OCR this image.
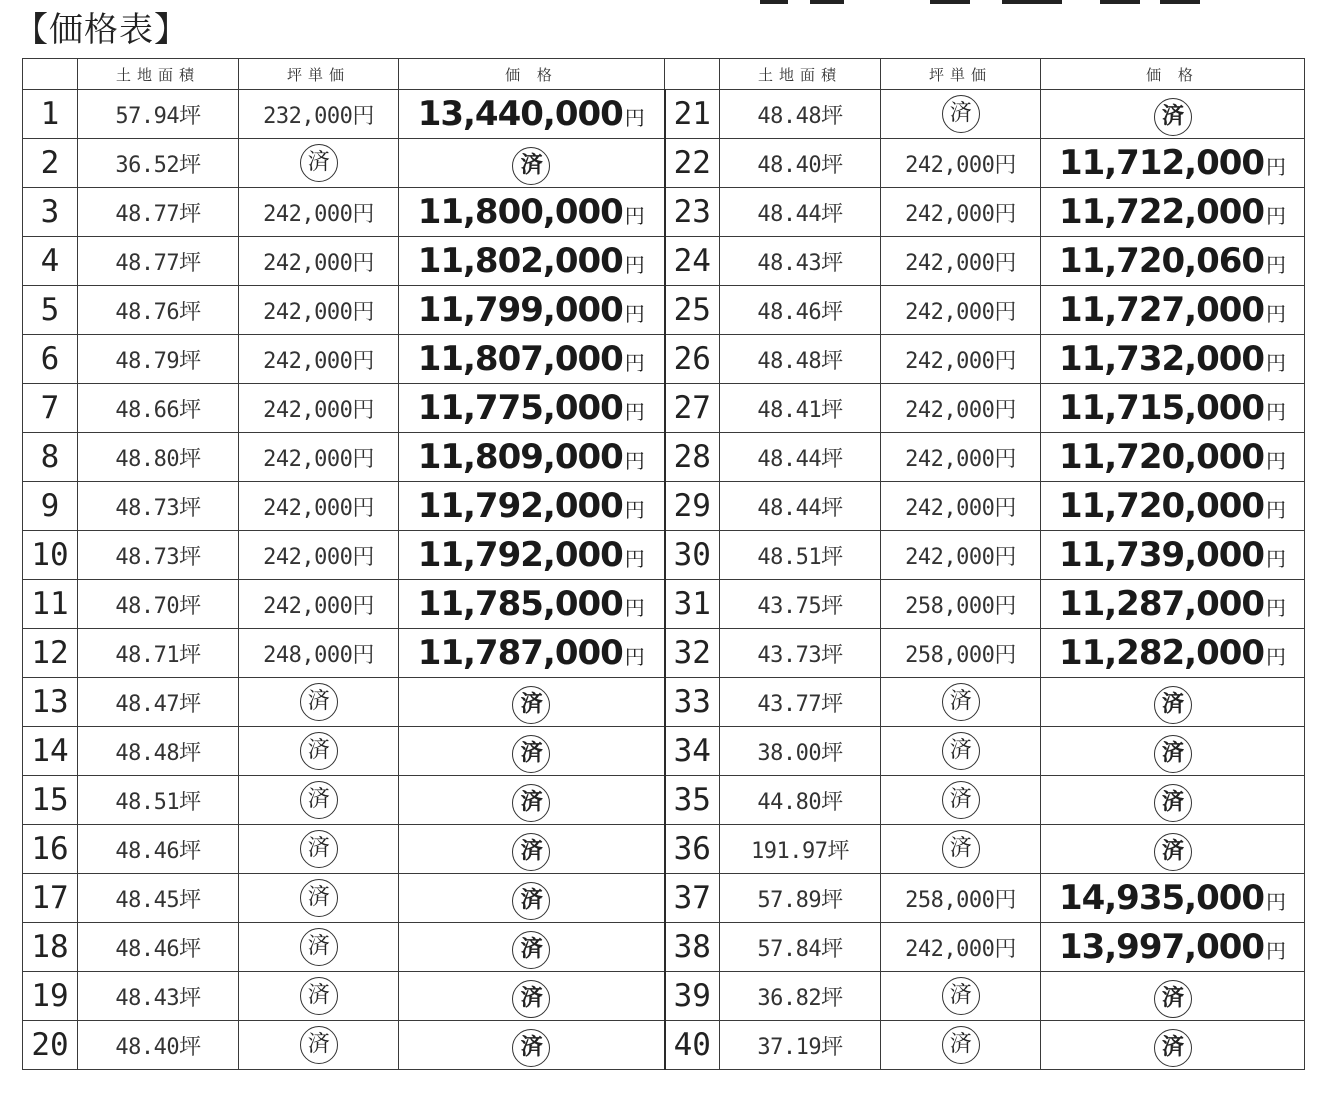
【価格表】
	土地面積	坪単価	価 格		土地面積	坪単価	価 格
1	57.94坪	232,000円	13,440,000 円	21	48.48坪	済	済
2	36.52坪	済	済	22	48.40坪	242,000円	11,712,000 円
3	48.77坪	242,000円	11,800,000 円	23	48.44坪	242,000円	11,722,000 円
4	48.77坪	242,000円	11,802,000 円	24	48.43坪	242,000円	11,720,060 円
5	48.76坪	242,000円	11,799,000 円	25	48.46坪	242,000円	11,727,000 円
6	48.79坪	242,000円	11,807,000 円	26	48.48坪	242,000円	11,732,000 円
7	48.66坪	242,000円	11,775,000 円	27	48.41坪	242,000円	11,715,000 円
8	48.80坪	242,000円	11,809,000 円	28	48.44坪	242,000円	11,720,000 円
9	48.73坪	242,000円	11,792,000 円	29	48.44坪	242,000円	11,720,000 円
10	48.73坪	242,000円	11,792,000 円	30	48.51坪	242,000円	11,739,000 円
11	48.70坪	242,000円	11,785,000 円	31	43.75坪	258,000円	11,287,000 円
12	48.71坪	248,000円	11,787,000 円	32	43.73坪	258,000円	11,282,000 円
13	48.47坪	済	済	33	43.77坪	済	済
14	48.48坪	済	済	34	38.00坪	済	済
15	48.51坪	済	済	35	44.80坪	済	済
16	48.46坪	済	済	36	191.97坪	済	済
17	48.45坪	済	済	37	57.89坪	258,000円	14,935,000 円
18	48.46坪	済	済	38	57.84坪	242,000円	13,997,000 円
19	48.43坪	済	済	39	36.82坪	済	済
20	48.40坪	済	済	40	37.19坪	済	済
